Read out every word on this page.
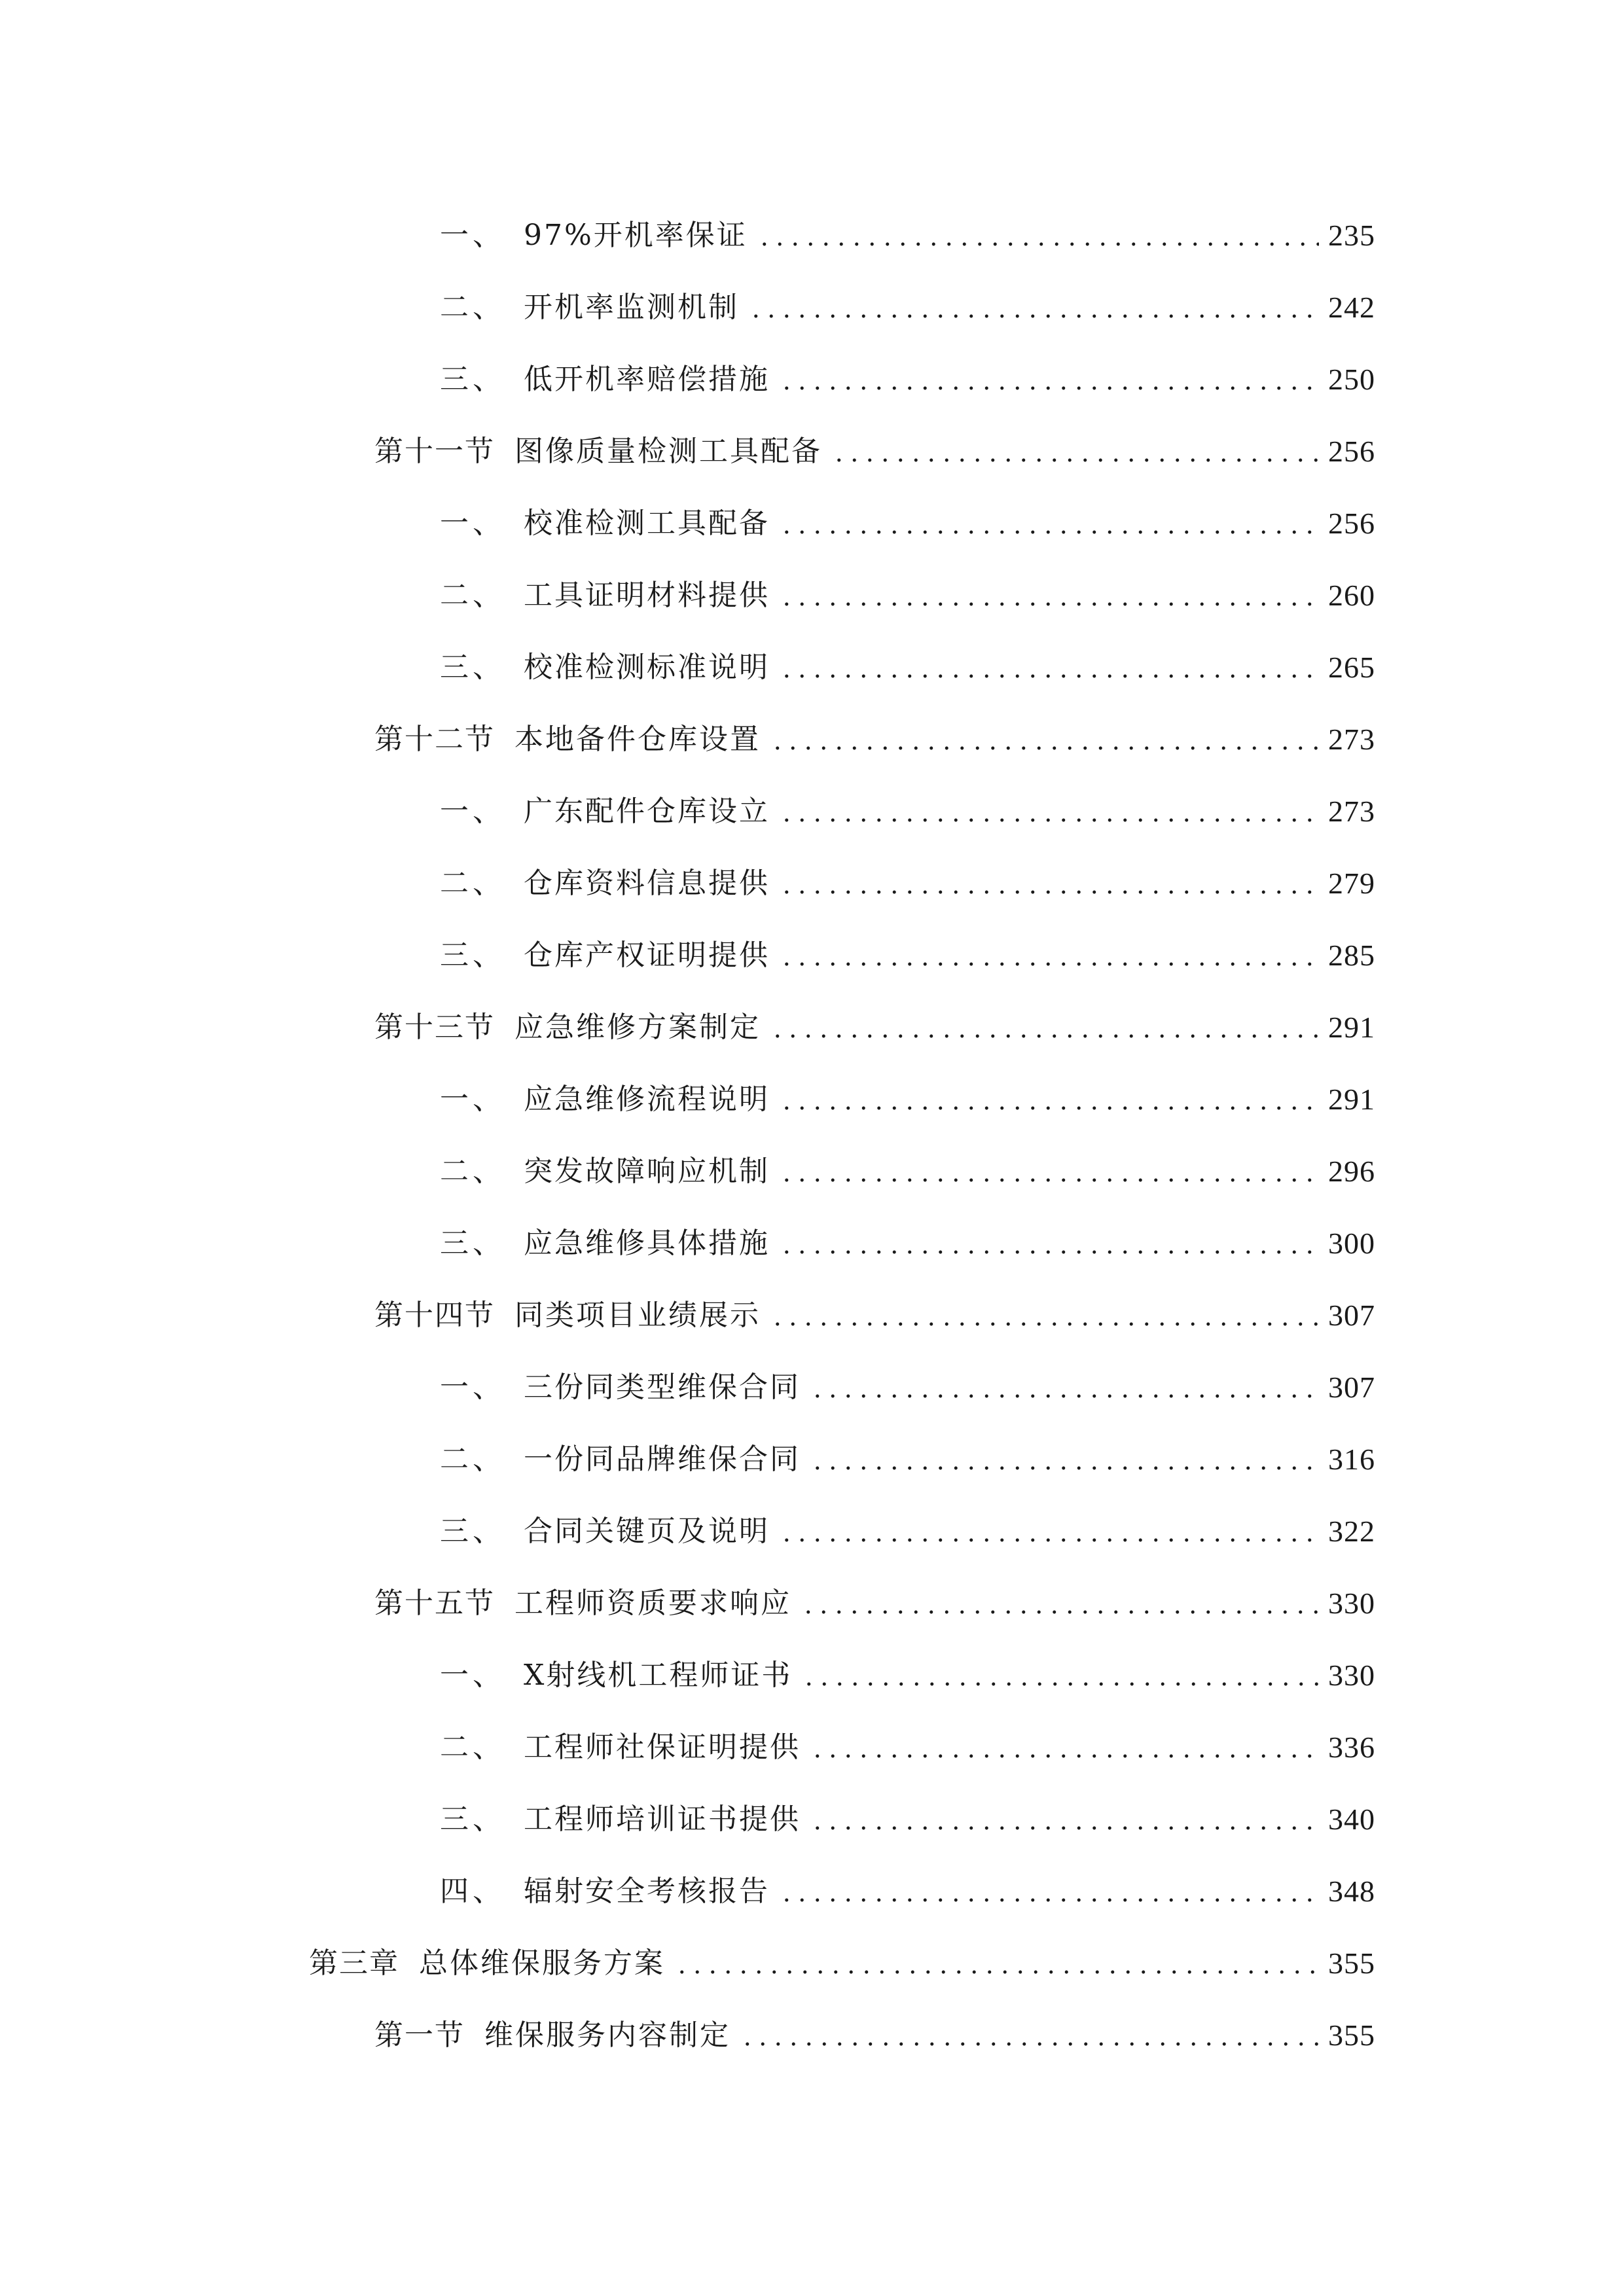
一、 97%开机率保证	235
二、 开机率监测机制	242
三、 低开机率赔偿措施	250
第十一节 图像质量检测工具配备	256
一、 校准检测工具配备	256
二、 工具证明材料提供	260
三、 校准检测标准说明	265
第十二节 本地备件仓库设置	273
一、 广东配件仓库设立	273
二、 仓库资料信息提供	279
三、 仓库产权证明提供	285
第十三节 应急维修方案制定	291
一、 应急维修流程说明	291
二、 突发故障响应机制	296
三、 应急维修具体措施	300
第十四节 同类项目业绩展示	307
一、 三份同类型维保合同	307
二、 一份同品牌维保合同	316
三、 合同关键页及说明	322
第十五节 工程师资质要求响应	330
一、 X射线机工程师证书	330
二、 工程师社保证明提供	336
三、 工程师培训证书提供	340
四、 辐射安全考核报告	348
第三章 总体维保服务方案	355
第一节 维保服务内容制定	355
